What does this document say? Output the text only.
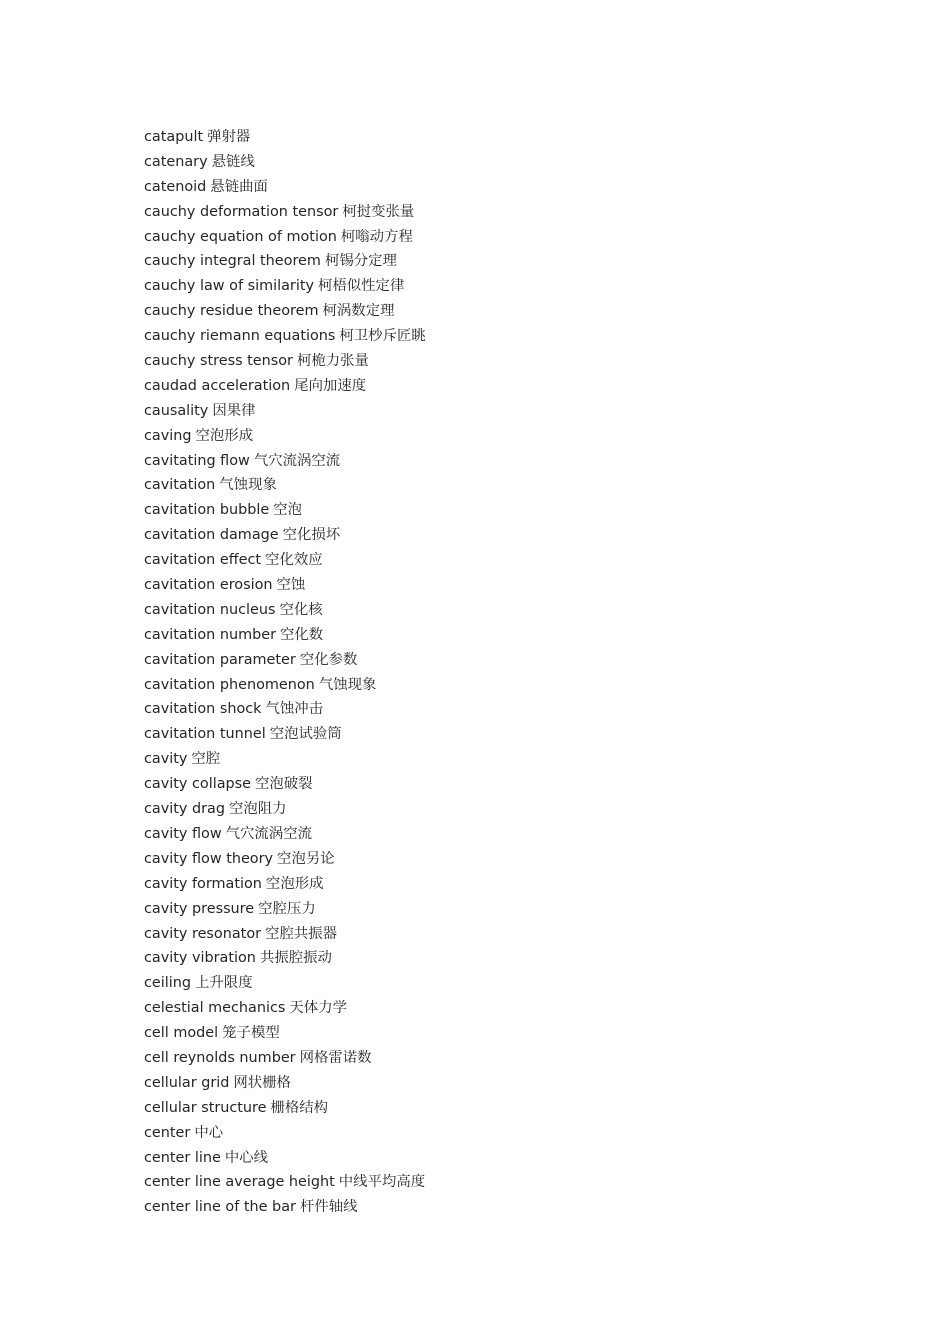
catapult 弹射器
catenary 悬链线
catenoid 悬链曲面
cauchy deformation tensor 柯挝变张量
cauchy equation of motion 柯嗡动方程
cauchy integral theorem 柯锡分定理
cauchy law of similarity 柯梧似性定律
cauchy residue theorem 柯涡数定理
cauchy riemann equations 柯卫杪斥匠眺
cauchy stress tensor 柯桅力张量
caudad acceleration 尾向加速度
causality 因果律
caving 空泡形成
cavitating flow 气穴流涡空流
cavitation 气蚀现象
cavitation bubble 空泡
cavitation damage 空化损坏
cavitation effect 空化效应
cavitation erosion 空蚀
cavitation nucleus 空化核
cavitation number 空化数
cavitation parameter 空化参数
cavitation phenomenon 气蚀现象
cavitation shock 气蚀冲击
cavitation tunnel 空泡试验筒
cavity 空腔
cavity collapse 空泡破裂
cavity drag 空泡阻力
cavity flow 气穴流涡空流
cavity flow theory 空泡另论
cavity formation 空泡形成
cavity pressure 空腔压力
cavity resonator 空腔共振器
cavity vibration 共振腔振动
ceiling 上升限度
celestial mechanics 天体力学
cell model 笼子模型
cell reynolds number 网格雷诺数
cellular grid 网状栅格
cellular structure 栅格结构
center 中心
center line 中心线
center line average height 中线平均高度
center line of the bar 杆件轴线
